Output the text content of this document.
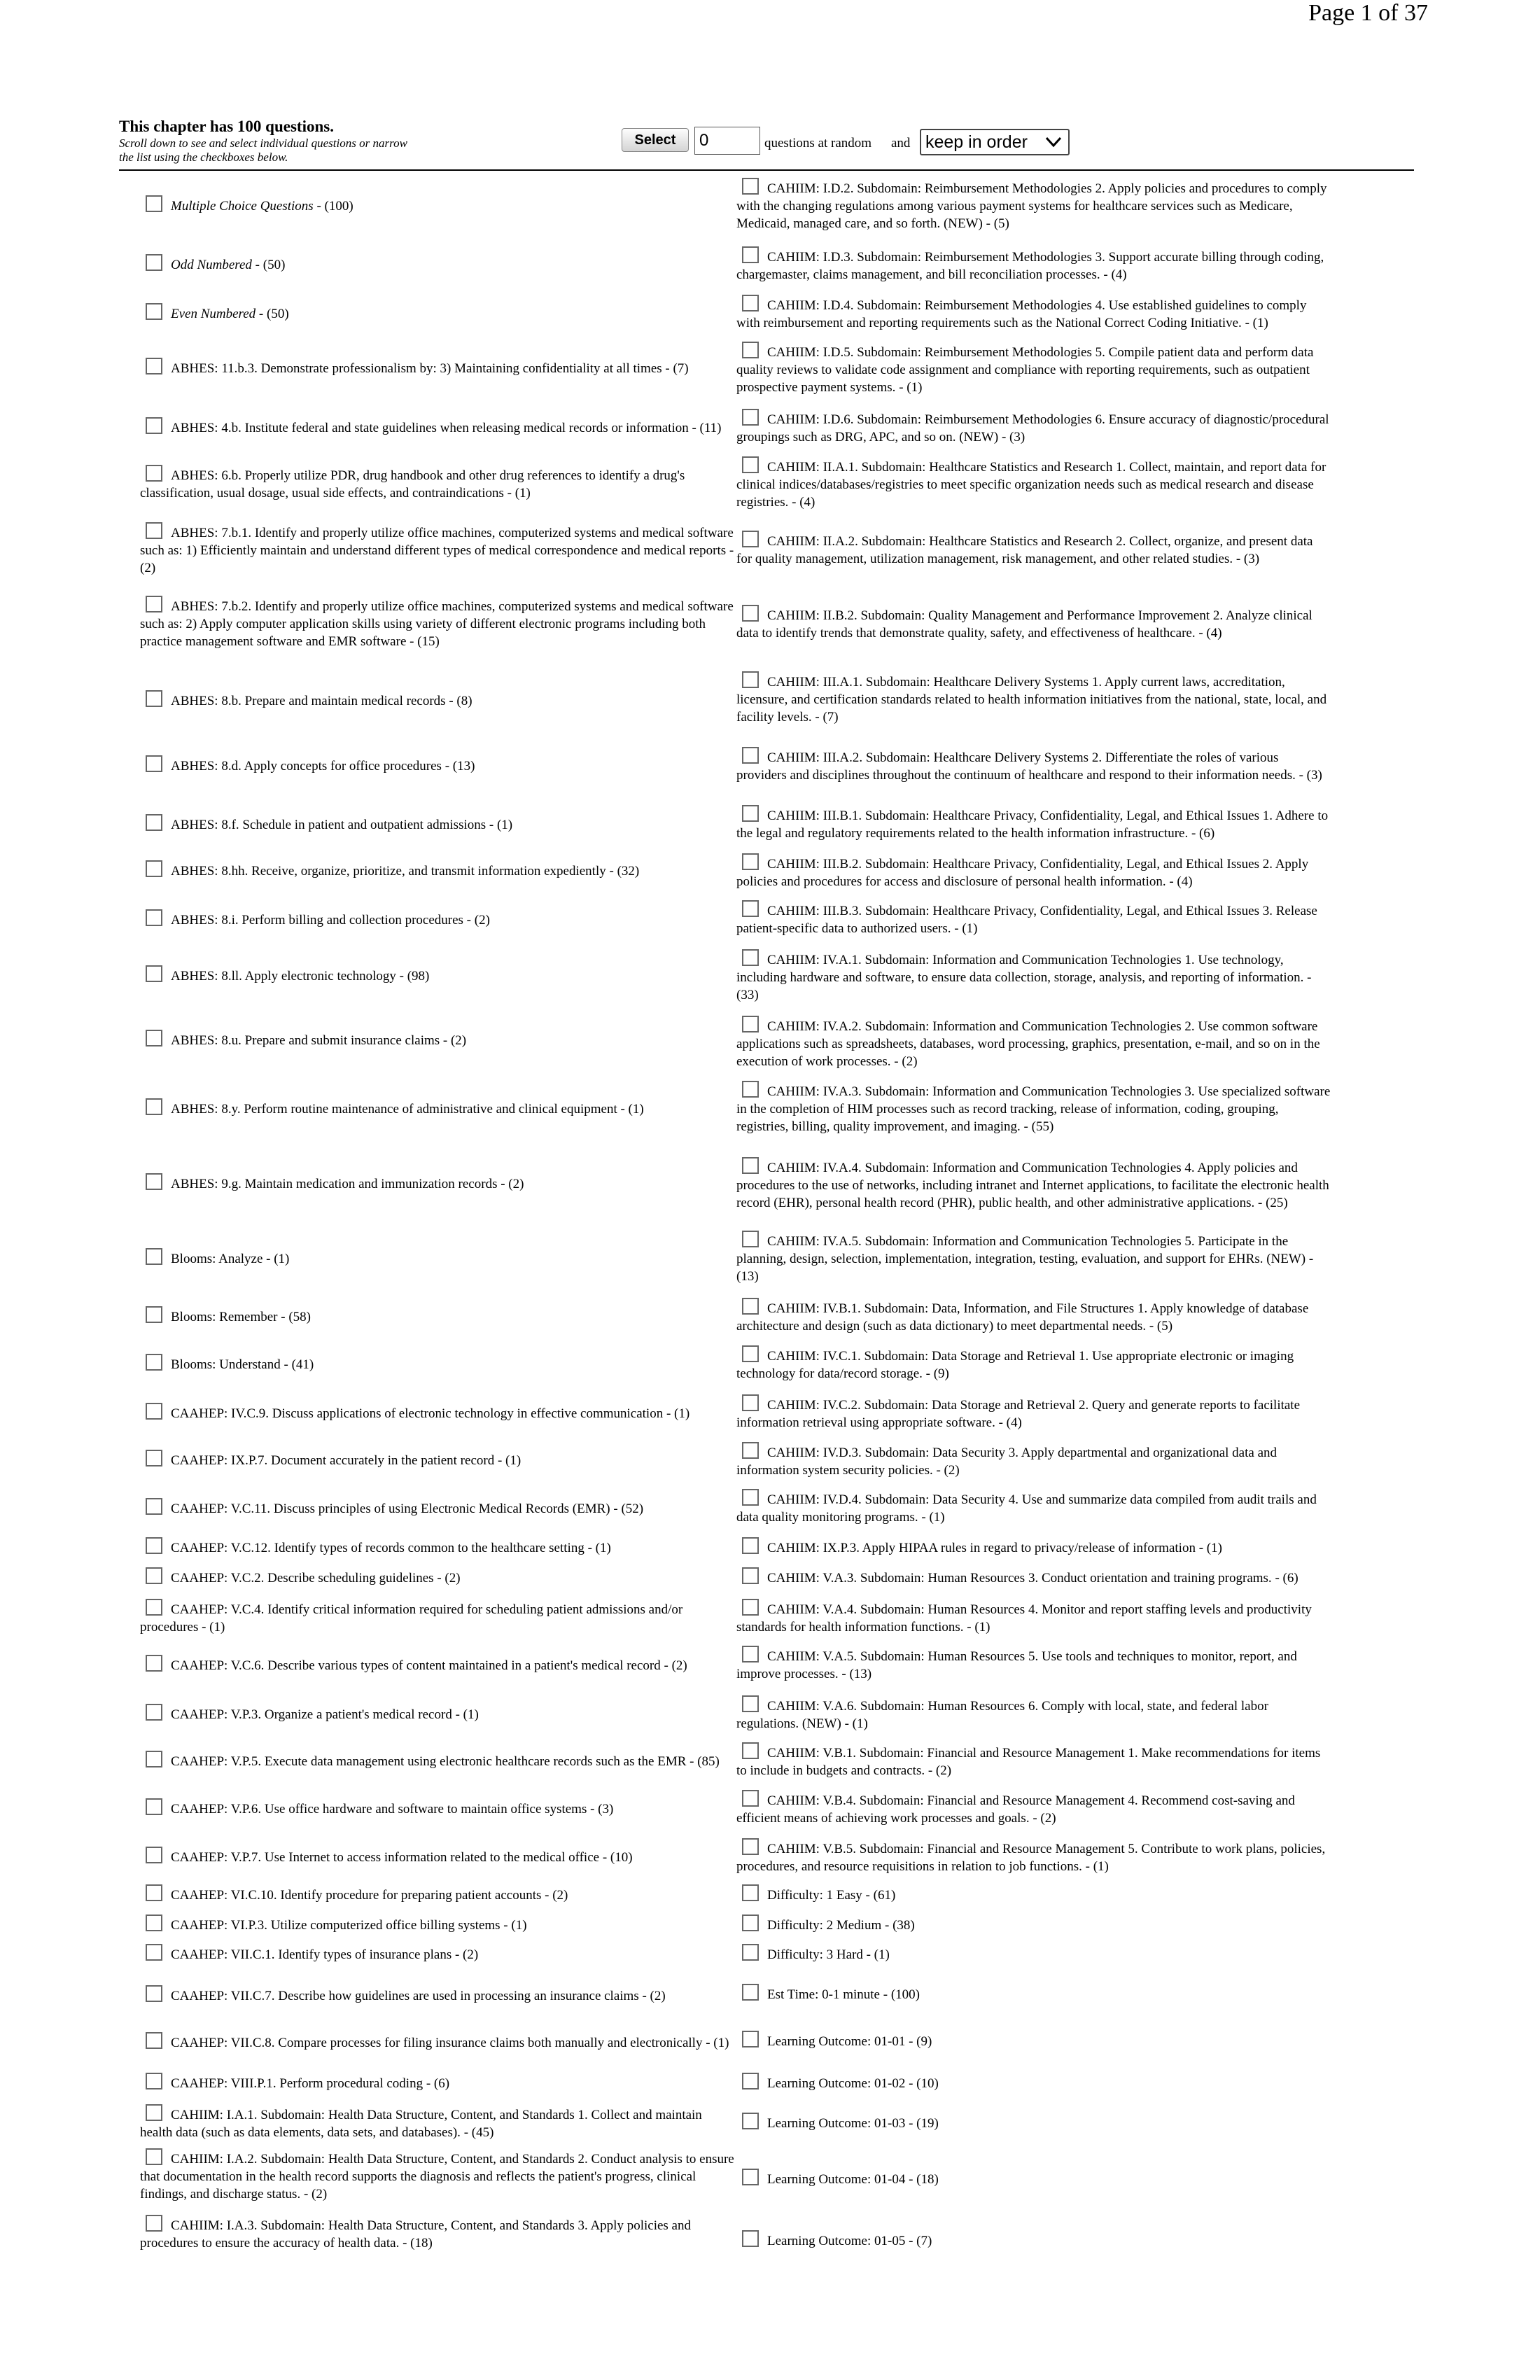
Page 1 of 37
This chapter has 100 questions.
Scroll down to see and select individual questions or narrow the list using the checkboxes below.
Select
0	questions at random and keep in order
Multiple Choice Questions - (100)
Odd Numbered - (50)
Even Numbered - (50)
ABHES: 11.b.3. Demonstrate professionalism by: 3) Maintaining confidentiality at all times - (7)
ABHES: 4.b. Institute federal and state guidelines when releasing medical records or information - (11)
ABHES: 6.b. Properly utilize PDR, drug handbook and other drug references to identify a drug's classification, usual dosage, usual side effects, and contraindications - (1)
ABHES: 7.b.1. Identify and properly utilize office machines, computerized systems and medical software such as: 1) Efficiently maintain and understand different types of medical correspondence and medical reports - (2)
ABHES: 7.b.2. Identify and properly utilize office machines, computerized systems and medical software such as: 2) Apply computer application skills using variety of different electronic programs including both practice management software and EMR software - (15)
ABHES: 8.b. Prepare and maintain medical records - (8)
ABHES: 8.d. Apply concepts for office procedures - (13)
ABHES: 8.f. Schedule in patient and outpatient admissions - (1)
ABHES: 8.hh. Receive, organize, prioritize, and transmit information expediently - (32)
ABHES: 8.i. Perform billing and collection procedures - (2)
ABHES: 8.ll. Apply electronic technology - (98)
ABHES: 8.u. Prepare and submit insurance claims - (2)
ABHES: 8.y. Perform routine maintenance of administrative and clinical equipment - (1)
ABHES: 9.g. Maintain medication and immunization records - (2)
Blooms: Analyze - (1)
Blooms: Remember - (58)
Blooms: Understand - (41)
CAAHEP: IV.C.9. Discuss applications of electronic technology in effective communication - (1)
CAAHEP: IX.P.7. Document accurately in the patient record - (1)
CAAHEP: V.C.11. Discuss principles of using Electronic Medical Records (EMR) - (52)
CAAHEP: V.C.12. Identify types of records common to the healthcare setting - (1)
CAAHEP: V.C.2. Describe scheduling guidelines - (2)
CAAHEP: V.C.4. Identify critical information required for scheduling patient admissions and/or procedures - (1)
CAAHEP: V.C.6. Describe various types of content maintained in a patient's medical record - (2)
CAAHEP: V.P.3. Organize a patient's medical record - (1)
CAAHEP: V.P.5. Execute data management using electronic healthcare records such as the EMR - (85)
CAAHEP: V.P.6. Use office hardware and software to maintain office systems - (3)
CAAHEP: V.P.7. Use Internet to access information related to the medical office - (10)
CAAHEP: VI.C.10. Identify procedure for preparing patient accounts - (2)
CAAHEP: VI.P.3. Utilize computerized office billing systems - (1)
CAAHEP: VII.C.1. Identify types of insurance plans - (2)
CAAHEP: VII.C.7. Describe how guidelines are used in processing an insurance claims - (2)
CAAHEP: VII.C.8. Compare processes for filing insurance claims both manually and electronically - (1)
CAAHEP: VIII.P.1. Perform procedural coding - (6)
CAHIIM: I.A.1. Subdomain: Health Data Structure, Content, and Standards 1. Collect and maintain health data (such as data elements, data sets, and databases). - (45)
CAHIIM: I.A.2. Subdomain: Health Data Structure, Content, and Standards 2. Conduct analysis to ensure that documentation in the health record supports the diagnosis and reflects the patient's progress, clinical findings, and discharge status. - (2)
CAHIIM: I.A.3. Subdomain: Health Data Structure, Content, and Standards 3. Apply policies and procedures to ensure the accuracy of health data. - (18)
CAHIIM: I.D.2. Subdomain: Reimbursement Methodologies 2. Apply policies and procedures to comply with the changing regulations among various payment systems for healthcare services such as Medicare, Medicaid, managed care, and so forth. (NEW) - (5)
CAHIIM: I.D.3. Subdomain: Reimbursement Methodologies 3. Support accurate billing through coding, chargemaster, claims management, and bill reconciliation processes. - (4)
CAHIIM: I.D.4. Subdomain: Reimbursement Methodologies 4. Use established guidelines to comply with reimbursement and reporting requirements such as the National Correct Coding Initiative. - (1)
CAHIIM: I.D.5. Subdomain: Reimbursement Methodologies 5. Compile patient data and perform data quality reviews to validate code assignment and compliance with reporting requirements, such as outpatient prospective payment systems. - (1)
CAHIIM: I.D.6. Subdomain: Reimbursement Methodologies 6. Ensure accuracy of diagnostic/procedural groupings such as DRG, APC, and so on. (NEW) - (3)
CAHIIM: II.A.1. Subdomain: Healthcare Statistics and Research 1. Collect, maintain, and report data for clinical indices/databases/registries to meet specific organization needs such as medical research and disease registries. - (4)
CAHIIM: II.A.2. Subdomain: Healthcare Statistics and Research 2. Collect, organize, and present data for quality management, utilization management, risk management, and other related studies. - (3)
CAHIIM: II.B.2. Subdomain: Quality Management and Performance Improvement 2. Analyze clinical data to identify trends that demonstrate quality, safety, and effectiveness of healthcare. - (4)
CAHIIM: III.A.1. Subdomain: Healthcare Delivery Systems 1. Apply current laws, accreditation, licensure, and certification standards related to health information initiatives from the national, state, local, and facility levels. - (7)
CAHIIM: III.A.2. Subdomain: Healthcare Delivery Systems 2. Differentiate the roles of various providers and disciplines throughout the continuum of healthcare and respond to their information needs. - (3)
CAHIIM: III.B.1. Subdomain: Healthcare Privacy, Confidentiality, Legal, and Ethical Issues 1. Adhere to the legal and regulatory requirements related to the health information infrastructure. - (6)
CAHIIM: III.B.2. Subdomain: Healthcare Privacy, Confidentiality, Legal, and Ethical Issues 2. Apply policies and procedures for access and disclosure of personal health information. - (4)
CAHIIM: III.B.3. Subdomain: Healthcare Privacy, Confidentiality, Legal, and Ethical Issues 3. Release patient-specific data to authorized users. - (1)
CAHIIM: IV.A.1. Subdomain: Information and Communication Technologies 1. Use technology, including hardware and software, to ensure data collection, storage, analysis, and reporting of information. - (33)
CAHIIM: IV.A.2. Subdomain: Information and Communication Technologies 2. Use common software applications such as spreadsheets, databases, word processing, graphics, presentation, e-mail, and so on in the execution of work processes. - (2)
CAHIIM: IV.A.3. Subdomain: Information and Communication Technologies 3. Use specialized software in the completion of HIM processes such as record tracking, release of information, coding, grouping, registries, billing, quality improvement, and imaging. - (55)
CAHIIM: IV.A.4. Subdomain: Information and Communication Technologies 4. Apply policies and procedures to the use of networks, including intranet and Internet applications, to facilitate the electronic health record (EHR), personal health record (PHR), public health, and other administrative applications. - (25)
CAHIIM: IV.A.5. Subdomain: Information and Communication Technologies 5. Participate in the planning, design, selection, implementation, integration, testing, evaluation, and support for EHRs. (NEW) - (13)
CAHIIM: IV.B.1. Subdomain: Data, Information, and File Structures 1. Apply knowledge of database architecture and design (such as data dictionary) to meet departmental needs. - (5)
CAHIIM: IV.C.1. Subdomain: Data Storage and Retrieval 1. Use appropriate electronic or imaging technology for data/record storage. - (9)
CAHIIM: IV.C.2. Subdomain: Data Storage and Retrieval 2. Query and generate reports to facilitate information retrieval using appropriate software. - (4)
CAHIIM: IV.D.3. Subdomain: Data Security 3. Apply departmental and organizational data and information system security policies. - (2)
CAHIIM: IV.D.4. Subdomain: Data Security 4. Use and summarize data compiled from audit trails and data quality monitoring programs. - (1)
CAHIIM: IX.P.3. Apply HIPAA rules in regard to privacy/release of information - (1)
CAHIIM: V.A.3. Subdomain: Human Resources 3. Conduct orientation and training programs. - (6)
CAHIIM: V.A.4. Subdomain: Human Resources 4. Monitor and report staffing levels and productivity standards for health information functions. - (1)
CAHIIM: V.A.5. Subdomain: Human Resources 5. Use tools and techniques to monitor, report, and improve processes. - (13)
CAHIIM: V.A.6. Subdomain: Human Resources 6. Comply with local, state, and federal labor regulations. (NEW) - (1)
CAHIIM: V.B.1. Subdomain: Financial and Resource Management 1. Make recommendations for items to include in budgets and contracts. - (2)
CAHIIM: V.B.4. Subdomain: Financial and Resource Management 4. Recommend cost-saving and efficient means of achieving work processes and goals. - (2)
CAHIIM: V.B.5. Subdomain: Financial and Resource Management 5. Contribute to work plans, policies, procedures, and resource requisitions in relation to job functions. - (1)
Difficulty: 1 Easy - (61)
Difficulty: 2 Medium - (38)
Difficulty: 3 Hard - (1)
Est Time: 0-1 minute - (100)
Learning Outcome: 01-01 - (9)
Learning Outcome: 01-02 - (10)
Learning Outcome: 01-03 - (19)
Learning Outcome: 01-04 - (18)
Learning Outcome: 01-05 - (7)
